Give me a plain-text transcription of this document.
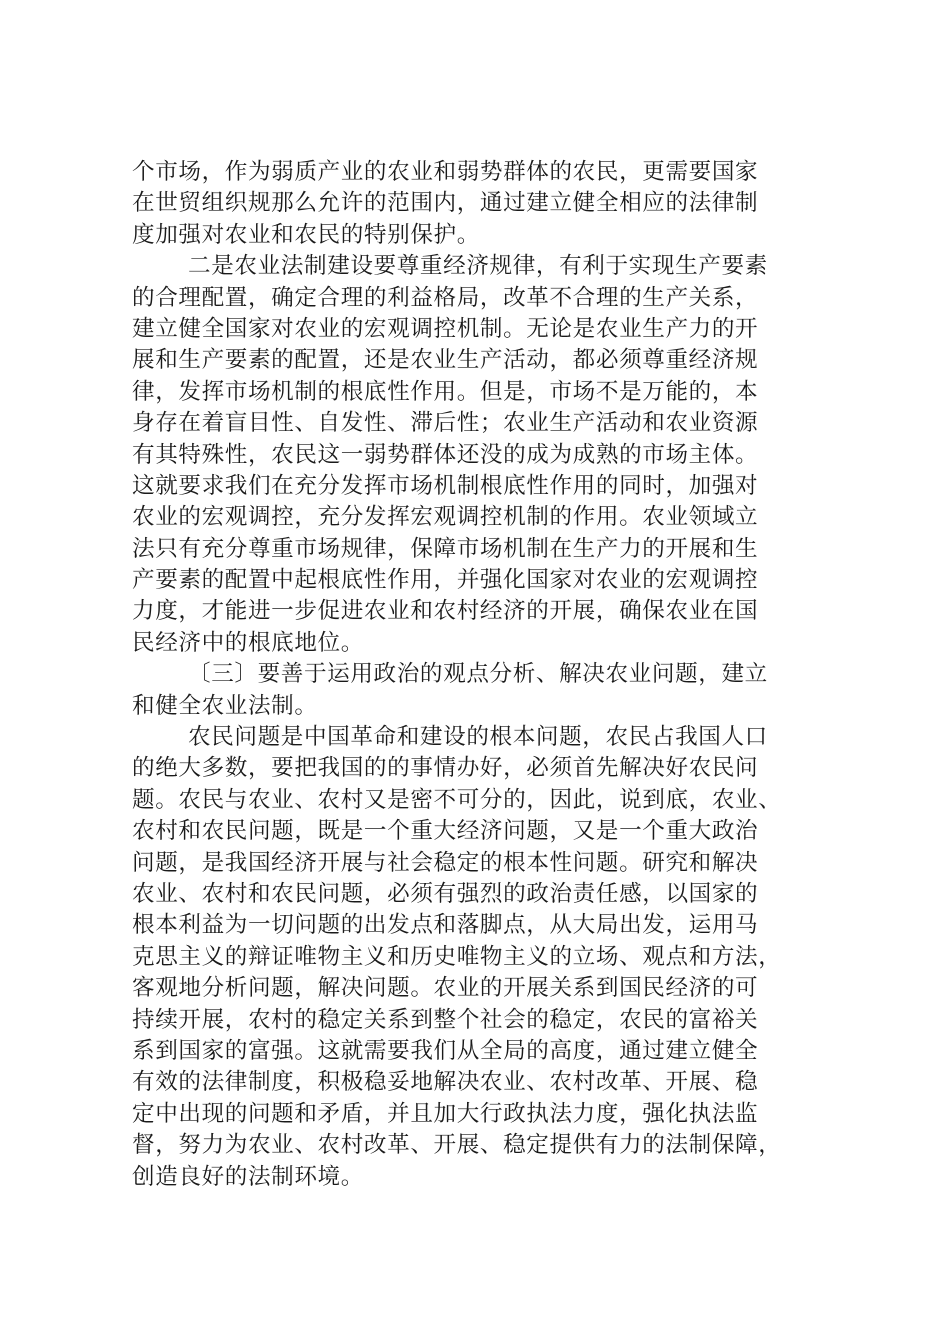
个市场，作为弱质产业的农业和弱势群体的农民，更需要国家
在世贸组织规那么允许的范围内，通过建立健全相应的法律制
度加强对农业和农民的特别保护。
二是农业法制建设要尊重经济规律，有利于实现生产要素
的合理配置，确定合理的利益格局，改革不合理的生产关系，
建立健全国家对农业的宏观调控机制。无论是农业生产力的开
展和生产要素的配置，还是农业生产活动，都必须尊重经济规
律，发挥市场机制的根底性作用。但是，市场不是万能的，本
身存在着盲目性、自发性、滞后性；农业生产活动和农业资源
有其特殊性，农民这一弱势群体还没的成为成熟的市场主体。
这就要求我们在充分发挥市场机制根底性作用的同时，加强对
农业的宏观调控，充分发挥宏观调控机制的作用。农业领域立
法只有充分尊重市场规律，保障市场机制在生产力的开展和生
产要素的配置中起根底性作用，并强化国家对农业的宏观调控
力度，才能进一步促进农业和农村经济的开展，确保农业在国
民经济中的根底地位。
〔三〕要善于运用政治的观点分析、解决农业问题，建立
和健全农业法制。
农民问题是中国革命和建设的根本问题，农民占我国人口
的绝大多数，要把我国的的事情办好，必须首先解决好农民问
题。农民与农业、农村又是密不可分的，因此，说到底，农业、
农村和农民问题，既是一个重大经济问题，又是一个重大政治
问题，是我国经济开展与社会稳定的根本性问题。研究和解决
农业、农村和农民问题，必须有强烈的政治责任感，以国家的
根本利益为一切问题的出发点和落脚点，从大局出发，运用马
克思主义的辩证唯物主义和历史唯物主义的立场、观点和方法，
客观地分析问题，解决问题。农业的开展关系到国民经济的可
持续开展，农村的稳定关系到整个社会的稳定，农民的富裕关
系到国家的富强。这就需要我们从全局的高度，通过建立健全
有效的法律制度，积极稳妥地解决农业、农村改革、开展、稳
定中出现的问题和矛盾，并且加大行政执法力度，强化执法监
督，努力为农业、农村改革、开展、稳定提供有力的法制保障，
创造良好的法制环境。
